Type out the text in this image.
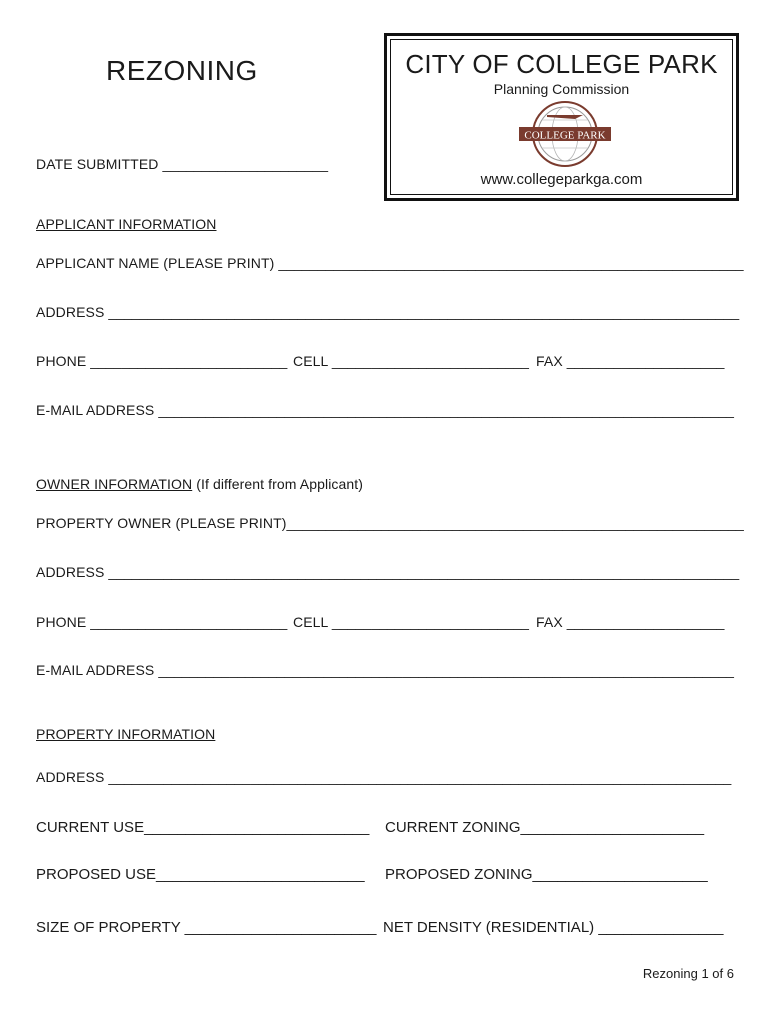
REZONING	CITY OF COLLEGE PARK
Planning Commission
COLLEGE PARK
www.collegeparkga.com
DATE SUBMITTED _____________________
APPLICANT INFORMATION
APPLICANT NAME (PLEASE PRINT) ___________________________________________________________
ADDRESS ________________________________________________________________________________
PHONE _________________________ CELL _________________________ FAX ____________________
E-MAIL ADDRESS _________________________________________________________________________
OWNER INFORMATION (If different from Applicant)
PROPERTY OWNER (PLEASE PRINT)__________________________________________________________
ADDRESS ________________________________________________________________________________
PHONE _________________________ CELL _________________________ FAX ____________________
E-MAIL ADDRESS _________________________________________________________________________
PROPERTY INFORMATION
ADDRESS _______________________________________________________________________________
CURRENT USE___________________________ CURRENT ZONING______________________
PROPOSED USE_________________________ PROPOSED ZONING_____________________
SIZE OF PROPERTY _______________________ NET DENSITY (RESIDENTIAL) _______________
Rezoning 1 of 6
